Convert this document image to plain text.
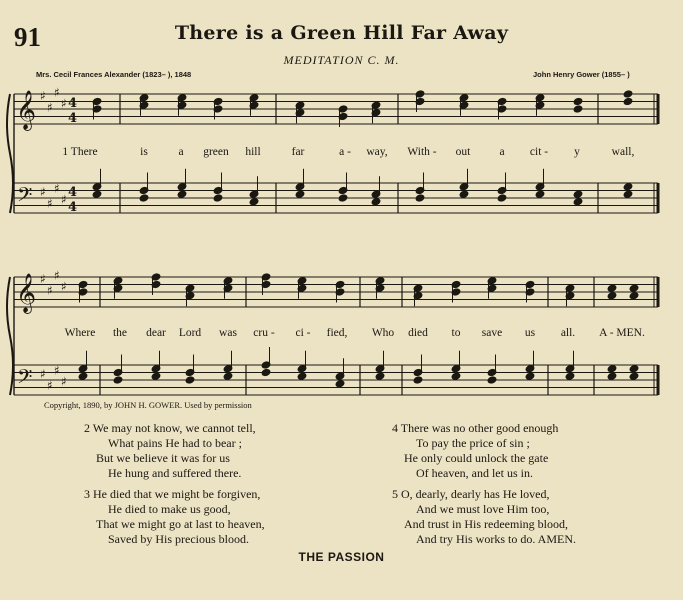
91	There is a Green Hill Far Away
MEDITATION C. M.
Mrs. Cecil Frances Alexander (1823– ), 1848	John Henry Gower (1855– )
𝄞
𝄢
♯
♯
♯
♯
♯
♯
♯
♯
4
4
4
4
𝄞
𝄢
♯
♯
♯
♯
♯
♯
♯
♯
1 There	is	a green hill	far	a - way, With - out	a cit - y	wall,
Where the dear Lord was cru - ci - fied, Who died to save us all. A - MEN.
Copyright, 1890, by JOHN H. GOWER. Used by permission
2 We may not know, we cannot tell,
What pains He had to bear ;
But we believe it was for us
He hung and suffered there.
3 He died that we might be forgiven,
He died to make us good,
That we might go at last to heaven,
Saved by His precious blood.
4 There was no other good enough
To pay the price of sin ;
He only could unlock the gate
Of heaven, and let us in.
5 O, dearly, dearly has He loved,
And we must love Him too,
And trust in His redeeming blood,
And try His works to do. AMEN.
THE PASSION
